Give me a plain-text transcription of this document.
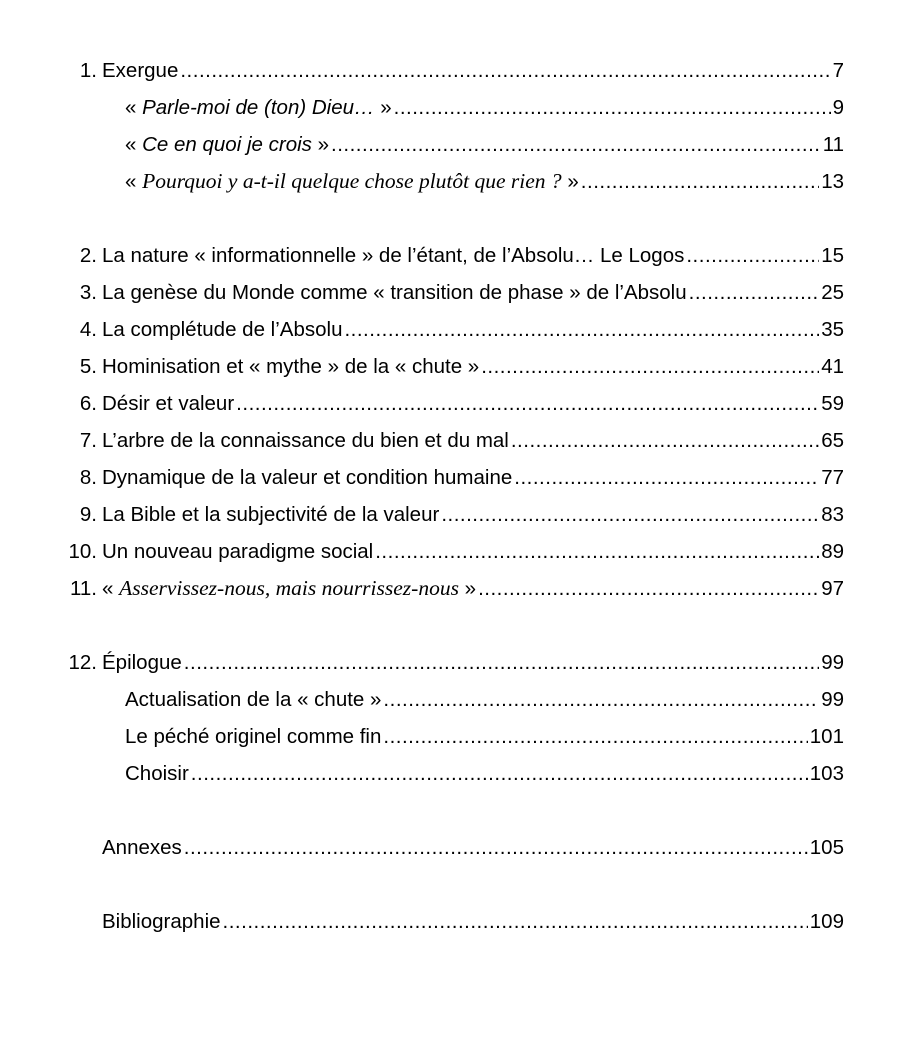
1. Exergue .....	7
« Parle-moi de (ton) Dieu… » .....	9
« Ce en quoi je crois » .....	11
« Pourquoi y a-t-il quelque chose plutôt que rien ? » .....	13
2. La nature « informationnelle » de l’étant, de l’Absolu… Le Logos .....	15
3. La genèse du Monde comme « transition de phase » de l’Absolu .....	25
4. La complétude de l’Absolu .....	35
5. Hominisation et « mythe » de la « chute » .....	41
6. Désir et valeur .....	59
7. L’arbre de la connaissance du bien et du mal .....	65
8. Dynamique de la valeur et condition humaine .....	77
9. La Bible et la subjectivité de la valeur .....	83
10. Un nouveau paradigme social .....	89
11. « Asservissez-nous, mais nourrissez-nous » .....	97
12. Épilogue .....	99
Actualisation de la « chute » .....	99
Le péché originel comme fin .....	101
Choisir .....	103
Annexes .....	105
Bibliographie .....	109
